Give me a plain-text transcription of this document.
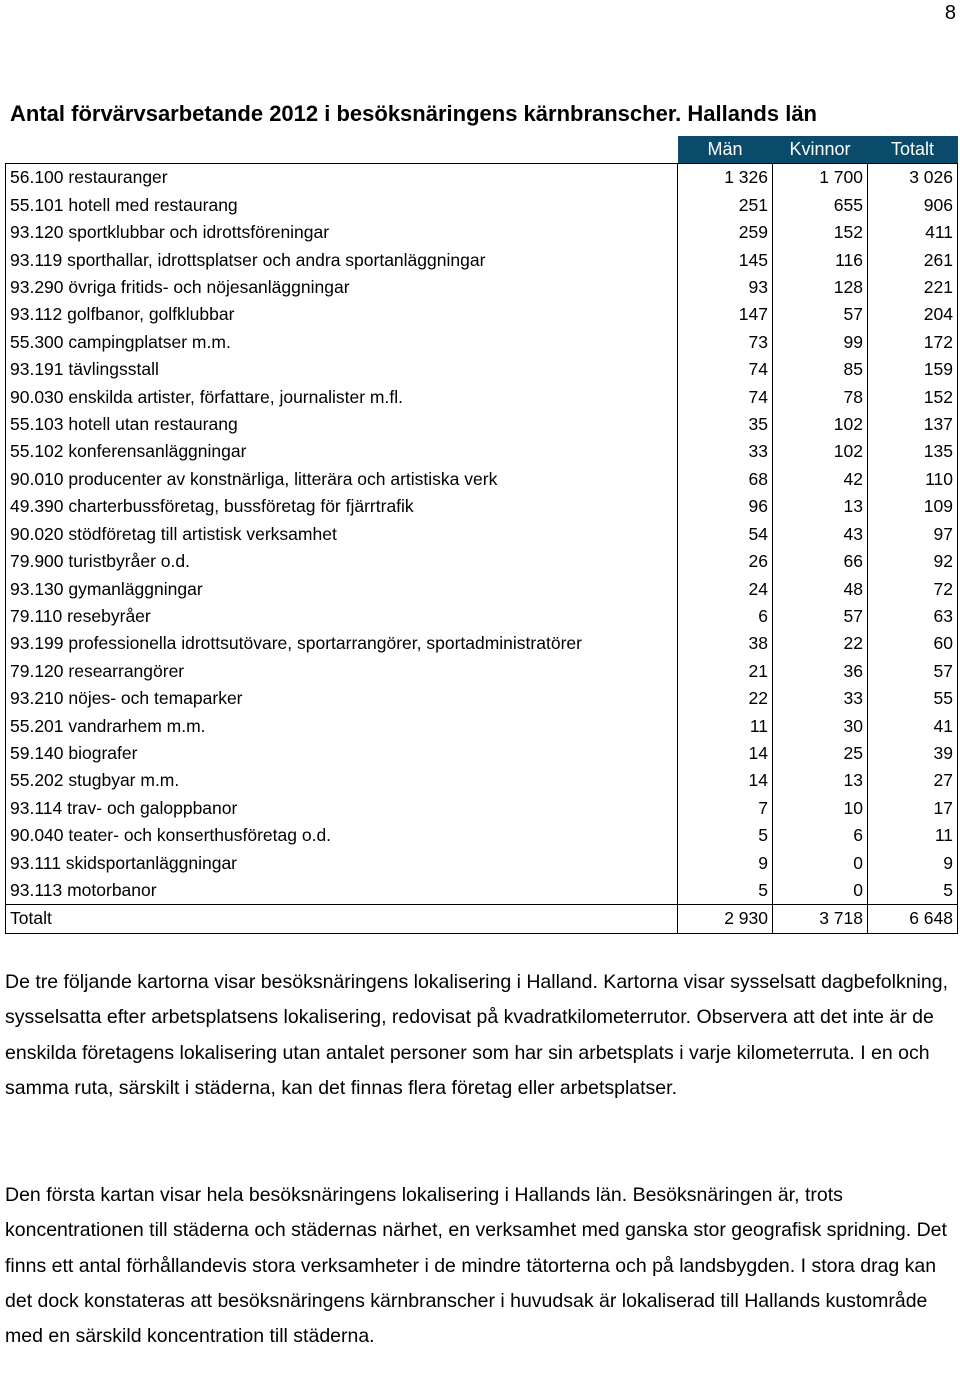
8
Antal förvärvsarbetande 2012 i besöksnäringens kärnbranscher. Hallands län
	Män	Kvinnor	Totalt
56.100 restauranger	1 326	1 700	3 026
55.101 hotell med restaurang	251	655	906
93.120 sportklubbar och idrottsföreningar	259	152	411
93.119 sporthallar, idrottsplatser och andra sportanläggningar	145	116	261
93.290 övriga fritids- och nöjesanläggningar	93	128	221
93.112 golfbanor, golfklubbar	147	57	204
55.300 campingplatser m.m.	73	99	172
93.191 tävlingsstall	74	85	159
90.030 enskilda artister, författare, journalister m.fl.	74	78	152
55.103 hotell utan restaurang	35	102	137
55.102 konferensanläggningar	33	102	135
90.010 producenter av konstnärliga, litterära och artistiska verk	68	42	110
49.390 charterbussföretag, bussföretag för fjärrtrafik	96	13	109
90.020 stödföretag till artistisk verksamhet	54	43	97
79.900 turistbyråer o.d.	26	66	92
93.130 gymanläggningar	24	48	72
79.110 resebyråer	6	57	63
93.199 professionella idrottsutövare, sportarrangörer, sportadministratörer	38	22	60
79.120 researrangörer	21	36	57
93.210 nöjes- och temaparker	22	33	55
55.201 vandrarhem m.m.	11	30	41
59.140 biografer	14	25	39
55.202 stugbyar m.m.	14	13	27
93.114 trav- och galoppbanor	7	10	17
90.040 teater- och konserthusföretag o.d.	5	6	11
93.111 skidsportanläggningar	9	0	9
93.113 motorbanor	5	0	5
Totalt	2 930	3 718	6 648

De tre följande kartorna visar besöksnäringens lokalisering i Halland. Kartorna visar sysselsatt dagbefolkning, sysselsatta efter arbetsplatsens lokalisering, redovisat på kvadratkilometerrutor. Observera att det inte är de enskilda företagens lokalisering utan antalet personer som har sin arbetsplats i varje kilometerruta. I en och samma ruta, särskilt i städerna, kan det finnas flera företag eller arbetsplatser.

Den första kartan visar hela besöksnäringens lokalisering i Hallands län. Besöksnäringen är, trots koncentrationen till städerna och städernas närhet, en verksamhet med ganska stor geografisk spridning. Det finns ett antal förhållandevis stora verksamheter i de mindre tätorterna och på landsbygden. I stora drag kan det dock konstateras att besöksnäringens kärnbranscher i huvudsak är lokaliserad till Hallands kustområde med en särskild koncentration till städerna.
